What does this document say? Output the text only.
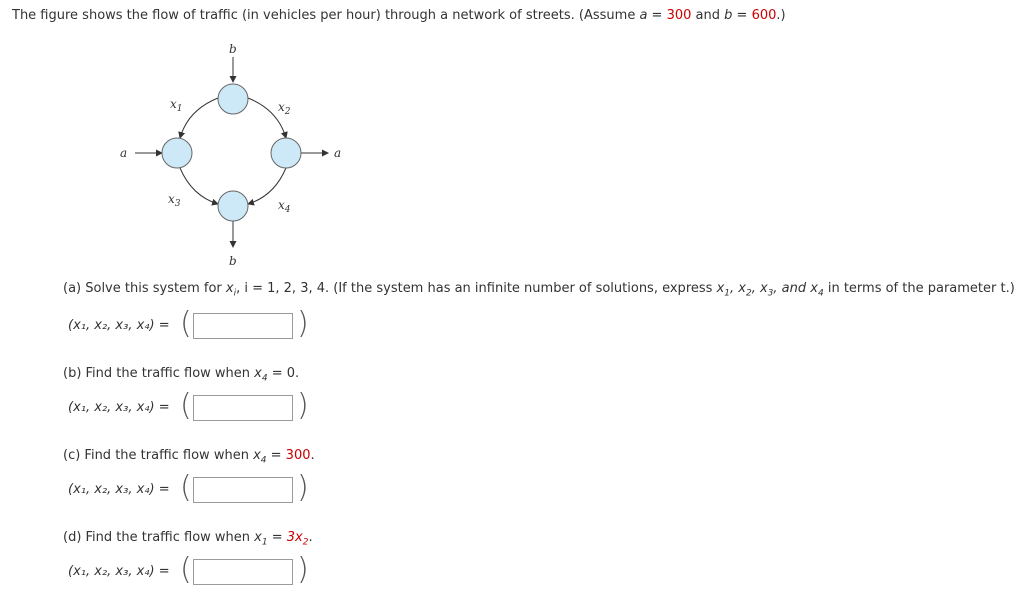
The figure shows the flow of traffic (in vehicles per hour) through a network of streets. (Assume a = 300 and b = 600.)
b
b
a	a
$x_1$	$x_2$
$x_3$	$x_4$
(a) Solve this system for $x_i$, i = 1, 2, 3, 4. (If the system has an infinite number of solutions, express $x_1$, $x_2$, $x_3$, and $x_4$ in terms of the parameter t.)
(x₁, x₂, x₃, x₄) = (	)
(b) Find the traffic flow when $x_4 = 0$.
(x₁, x₂, x₃, x₄) = (	)
(c) Find the traffic flow when $x_4 = 300$.
(x₁, x₂, x₃, x₄) = (	)
(d) Find the traffic flow when $x_1 = 3x_2$.
(x₁, x₂, x₃, x₄) = (	)
